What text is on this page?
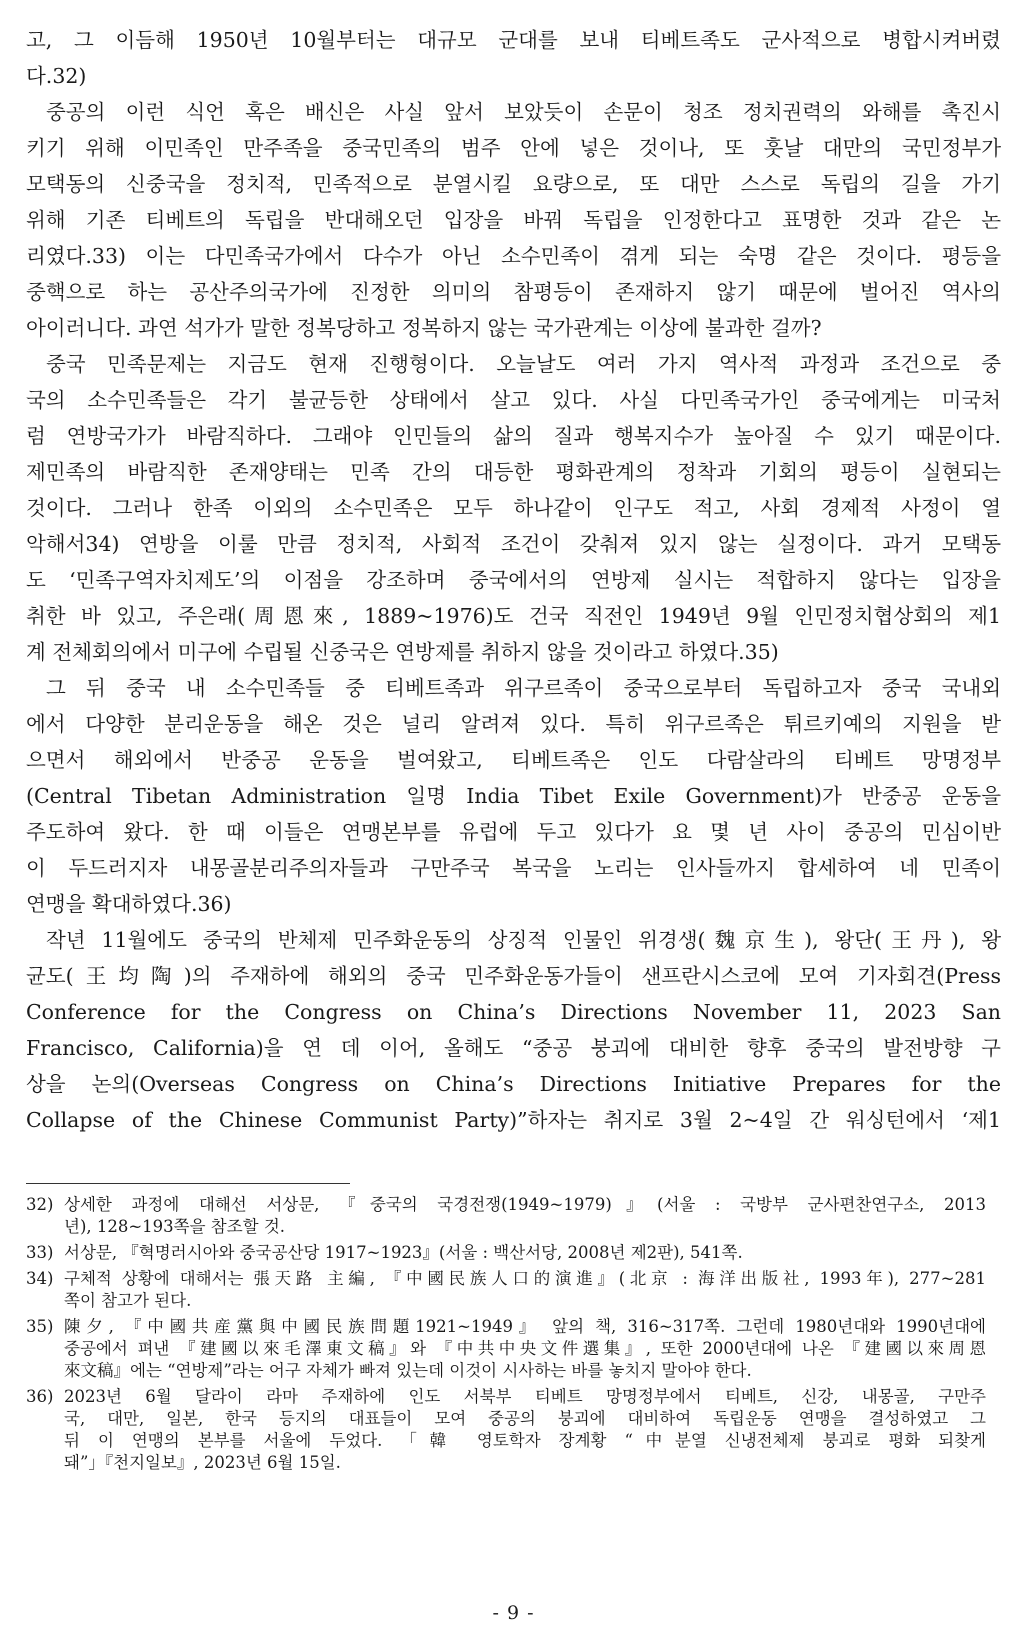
고, 그 이듬해 1950년 10월부터는 대규모 군대를 보내 티베트족도 군사적으로 병합시켜버렸
다.32)
중공의 이런 식언 혹은 배신은 사실 앞서 보았듯이 손문이 청조 정치권력의 와해를 촉진시
키기 위해 이민족인 만주족을 중국민족의 범주 안에 넣은 것이나, 또 훗날 대만의 국민정부가
모택동의 신중국을 정치적, 민족적으로 분열시킬 요량으로, 또 대만 스스로 독립의 길을 가기
위해 기존 티베트의 독립을 반대해오던 입장을 바꿔 독립을 인정한다고 표명한 것과 같은 논
리였다.33) 이는 다민족국가에서 다수가 아닌 소수민족이 겪게 되는 숙명 같은 것이다. 평등을
중핵으로 하는 공산주의국가에 진정한 의미의 참평등이 존재하지 않기 때문에 벌어진 역사의
아이러니다. 과연 석가가 말한 정복당하고 정복하지 않는 국가관계는 이상에 불과한 걸까?
중국 민족문제는 지금도 현재 진행형이다. 오늘날도 여러 가지 역사적 과정과 조건으로 중
국의 소수민족들은 각기 불균등한 상태에서 살고 있다. 사실 다민족국가인 중국에게는 미국처
럼 연방국가가 바람직하다. 그래야 인민들의 삶의 질과 행복지수가 높아질 수 있기 때문이다.
제민족의 바람직한 존재양태는 민족 간의 대등한 평화관계의 정착과 기회의 평등이 실현되는
것이다. 그러나 한족 이외의 소수민족은 모두 하나같이 인구도 적고, 사회 경제적 사정이 열
악해서34) 연방을 이룰 만큼 정치적, 사회적 조건이 갖춰져 있지 않는 실정이다. 과거 모택동
도 ‘민족구역자치제도’의 이점을 강조하며 중국에서의 연방제 실시는 적합하지 않다는 입장을
취한 바 있고, 주은래(周恩來, 1889~1976)도 건국 직전인 1949년 9월 인민정치협상회의 제1
계 전체회의에서 미구에 수립될 신중국은 연방제를 취하지 않을 것이라고 하였다.35)
그 뒤 중국 내 소수민족들 중 티베트족과 위구르족이 중국으로부터 독립하고자 중국 국내외
에서 다양한 분리운동을 해온 것은 널리 알려져 있다. 특히 위구르족은 튀르키예의 지원을 받
으면서 해외에서 반중공 운동을 벌여왔고, 티베트족은 인도 다람살라의 티베트 망명정부
(Central Tibetan Administration 일명 India Tibet Exile Government)가 반중공 운동을
주도하여 왔다. 한 때 이들은 연맹본부를 유럽에 두고 있다가 요 몇 년 사이 중공의 민심이반
이 두드러지자 내몽골분리주의자들과 구만주국 복국을 노리는 인사들까지 합세하여 네 민족이
연맹을 확대하였다.36)
작년 11월에도 중국의 반체제 민주화운동의 상징적 인물인 위경생(魏京生), 왕단(王丹), 왕
균도(王均陶)의 주재하에 해외의 중국 민주화운동가들이 샌프란시스코에 모여 기자회견(Press
Conference for the Congress on China’s Directions November 11, 2023 San
Francisco, California)을 연 데 이어, 올해도 “중공 붕괴에 대비한 향후 중국의 발전방향 구
상을 논의(Overseas Congress on China’s Directions Initiative Prepares for the
Collapse of the Chinese Communist Party)”하자는 취지로 3월 2~4일 간 워싱턴에서 ‘제1
32) 상세한 과정에 대해선 서상문, 『중국의 국경전쟁(1949~1979)』(서울 : 국방부 군사편찬연구소, 2013
년), 128~193쪽을 참조할 것.
33) 서상문, 『혁명러시아와 중국공산당 1917~1923』(서울 : 백산서당, 2008년 제2판), 541쪽.
34) 구체적 상황에 대해서는 張天路 主編, 『中國民族人口的演進』(北京 : 海洋出版社, 1993年), 277~281
쪽이 참고가 된다.
35) 陳夕, 『中國共産黨與中國民族問題1921~1949』 앞의 책, 316~317쪽. 그런데 1980년대와 1990년대에
중공에서 펴낸 『建國以來毛澤東文稿』와 『中共中央文件選集』, 또한 2000년대에 나온 『建國以來周恩
來文稿』에는 “연방제”라는 어구 자체가 빠져 있는데 이것이 시사하는 바를 놓치지 말아야 한다.
36) 2023년 6월 달라이 라마 주재하에 인도 서북부 티베트 망명정부에서 티베트, 신강, 내몽골, 구만주
국, 대만, 일본, 한국 등지의 대표들이 모여 중공의 붕괴에 대비하여 독립운동 연맹을 결성하였고 그
뒤 이 연맹의 본부를 서울에 두었다. 「韓 영토학자 장계황 “中분열 신냉전체제 붕괴로 평화 되찾게
돼”」『천지일보』, 2023년 6월 15일.
- 9 -
